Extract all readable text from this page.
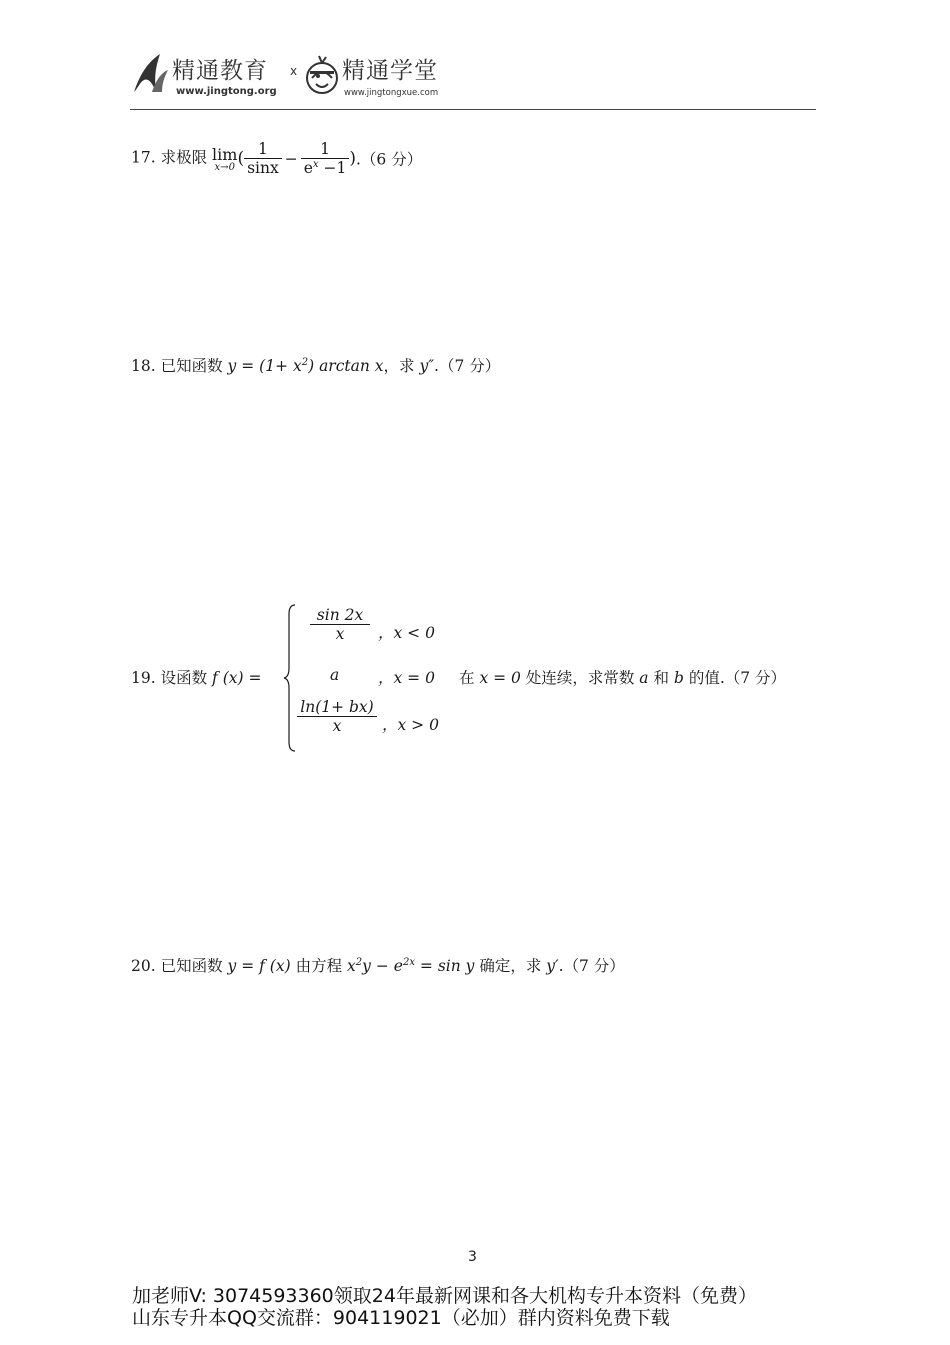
精通教育
www.jingtong.org
x 精通学堂
www.jingtongxue.com
17. 求极限 lim
x→0 ( $\frac{1}{\sin x} - \frac{1}{e^x -1} ).(6$ 分）
18. 已知函数 $y = (1+ x^2)$ arctan x，求 y″.（7 分）
19. 设函数 f (x) =
$\frac{\sin 2x}{x}$ ，x < 0
a	，x = 0
$\frac{\ln(1+ bx)}{x}$ ，x > 0
在 x = 0 处连续，求常数 a 和 b 的值.（7 分）
20. 已知函数 y = f (x) 由方程 $x^2y - e^{2x} = \sin y$ 确定，求 y′.（7 分）
3
加老师V: 3074593360领取24年最新网课和各大机构专升本资料（免费）
山东专升本QQ交流群：904119021（必加）群内资料免费下载
